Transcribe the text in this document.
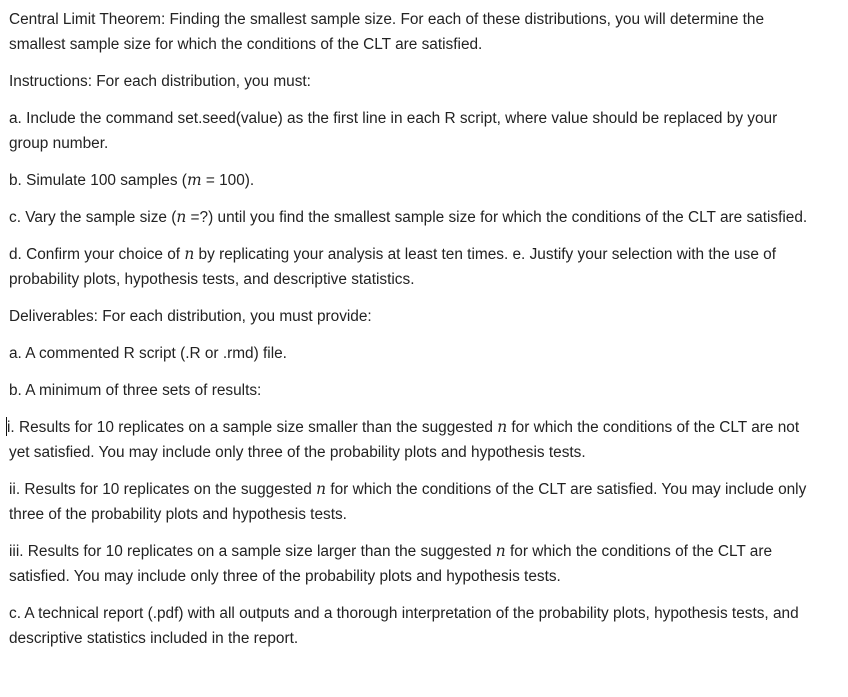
Central Limit Theorem: Finding the smallest sample size. For each of these distributions, you will determine the smallest sample size for which the conditions of the CLT are satisfied.

Instructions: For each distribution, you must:

a. Include the command set.seed(value) as the first line in each R script, where value should be replaced by your group number.

b. Simulate 100 samples (m = 100).

c. Vary the sample size (n =?) until you find the smallest sample size for which the conditions of the CLT are satisfied.

d. Confirm your choice of n by replicating your analysis at least ten times. e. Justify your selection with the use of probability plots, hypothesis tests, and descriptive statistics.

Deliverables: For each distribution, you must provide:

a. A commented R script (.R or .rmd) file.

b. A minimum of three sets of results:

i. Results for 10 replicates on a sample size smaller than the suggested n for which the conditions of the CLT are not yet satisfied. You may include only three of the probability plots and hypothesis tests.

ii. Results for 10 replicates on the suggested n for which the conditions of the CLT are satisfied. You may include only three of the probability plots and hypothesis tests.

iii. Results for 10 replicates on a sample size larger than the suggested n for which the conditions of the CLT are satisfied. You may include only three of the probability plots and hypothesis tests.

c. A technical report (.pdf) with all outputs and a thorough interpretation of the probability plots, hypothesis tests, and descriptive statistics included in the report.
